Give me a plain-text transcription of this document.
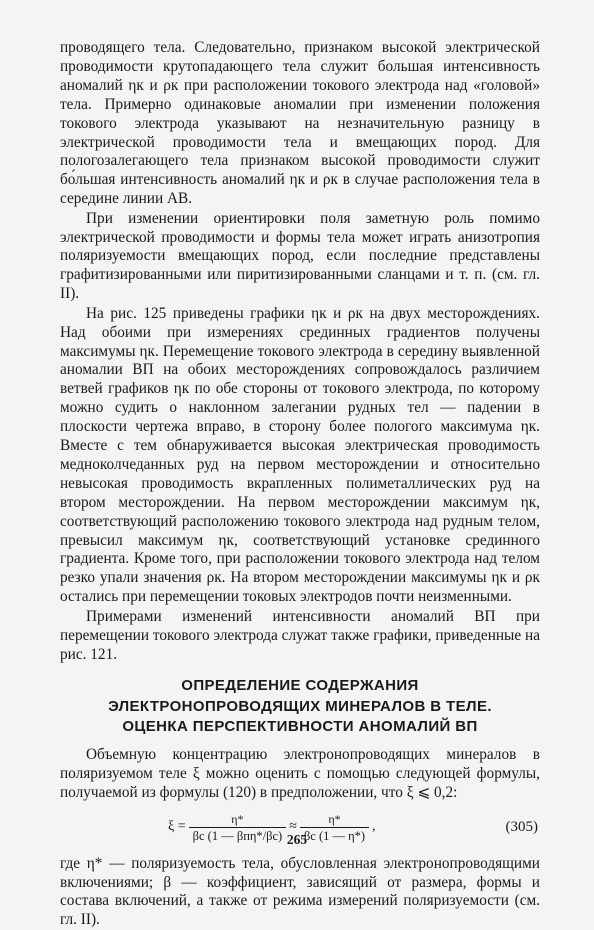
проводящего тела. Следовательно, признаком высокой электрической проводимости крутопадающего тела служит большая интенсивность аномалий ηк и ρк при расположении токового электрода над «головой» тела. Примерно одинаковые аномалии при изменении положения токового электрода указывают на незначительную разницу в электрической проводимости тела и вмещающих пород. Для пологозалегающего тела признаком высокой проводимости служит бо́льшая интенсивность аномалий ηк и ρк в случае расположения тела в середине линии AB.

При изменении ориентировки поля заметную роль помимо электрической проводимости и формы тела может играть анизотропия поляризуемости вмещающих пород, если последние представлены графитизированными или пиритизированными сланцами и т. п. (см. гл. II).

На рис. 125 приведены графики ηк и ρк на двух месторождениях. Над обоими при измерениях срединных градиентов получены максимумы ηк. Перемещение токового электрода в середину выявленной аномалии ВП на обоих месторождениях сопровождалось различием ветвей графиков ηк по обе стороны от токового электрода, по которому можно судить о наклонном залегании рудных тел — падении в плоскости чертежа вправо, в сторону более пологого максимума ηк. Вместе с тем обнаруживается высокая электрическая проводимость медноколчеданных руд на первом месторождении и относительно невысокая проводимость вкрапленных полиметаллических руд на втором месторождении. На первом месторождении максимум ηк, соответствующий расположению токового электрода над рудным телом, превысил максимум ηк, соответствующий установке срединного градиента. Кроме того, при расположении токового электрода над телом резко упали значения ρк. На втором месторождении максимумы ηк и ρк остались при перемещении токовых электродов почти неизменными.

Примерами изменений интенсивности аномалий ВП при перемещении токового электрода служат также графики, приведенные на рис. 121.

ОПРЕДЕЛЕНИЕ СОДЕРЖАНИЯ
ЭЛЕКТРОНОПРОВОДЯЩИХ МИНЕРАЛОВ В ТЕЛЕ.
ОЦЕНКА ПЕРСПЕКТИВНОСТИ АНОМАЛИЙ ВП

Объемную концентрацию электронопроводящих минералов в поляризуемом теле ξ можно оценить с помощью следующей формулы, получаемой из формулы (120) в предположении, что ξ ⩽ 0,2:

$\xi = \frac{\eta*}{\text{βc (1 — βпη*/βc)}} \approx \frac{\eta*}{\beta c (1 — \eta*)}$ ,	(305)

где η* — поляризуемость тела, обусловленная электронопроводящими включениями; β — коэффициент, зависящий от размера, формы и состава включений, а также от режима измерений поляризуемости (см. гл. II).

265
